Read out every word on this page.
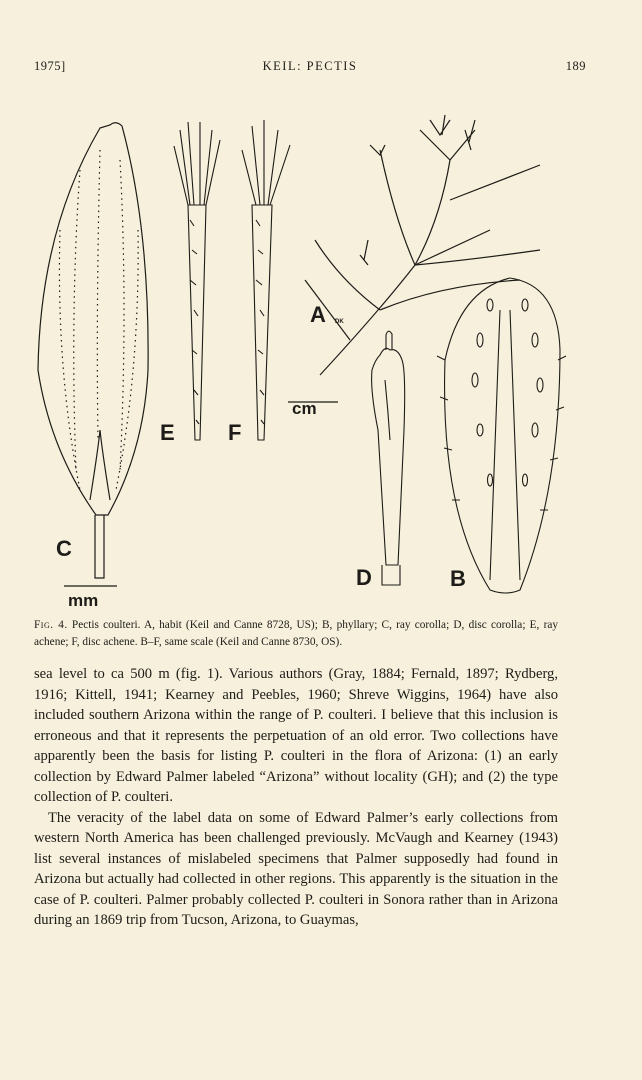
1975]	KEIL: PECTIS	189
A DK
cm
E F
C
mm
D	B
Fig. 4. Pectis coulteri. A, habit (Keil and Canne 8728, US); B, phyllary; C, ray corolla; D, disc corolla; E, ray achene; F, disc achene. B–F, same scale (Keil and Canne 8730, OS).

sea level to ca 500 m (fig. 1). Various authors (Gray, 1884; Fernald, 1897; Rydberg, 1916; Kittell, 1941; Kearney and Peebles, 1960; Shreve Wiggins, 1964) have also included southern Arizona within the range of P. coulteri. I believe that this inclusion is erroneous and that it represents the perpetuation of an old error. Two collections have apparently been the basis for listing P. coulteri in the flora of Arizona: (1) an early collection by Edward Palmer labeled “Arizona” without locality (GH); and (2) the type collection of P. coulteri.

The veracity of the label data on some of Edward Palmer’s early collections from western North America has been challenged previously. McVaugh and Kearney (1943) list several instances of mislabeled specimens that Palmer supposedly had found in Arizona but actually had collected in other regions. This apparently is the situation in the case of P. coulteri. Palmer probably collected P. coulteri in Sonora rather than in Arizona during an 1869 trip from Tucson, Arizona, to Guaymas,
